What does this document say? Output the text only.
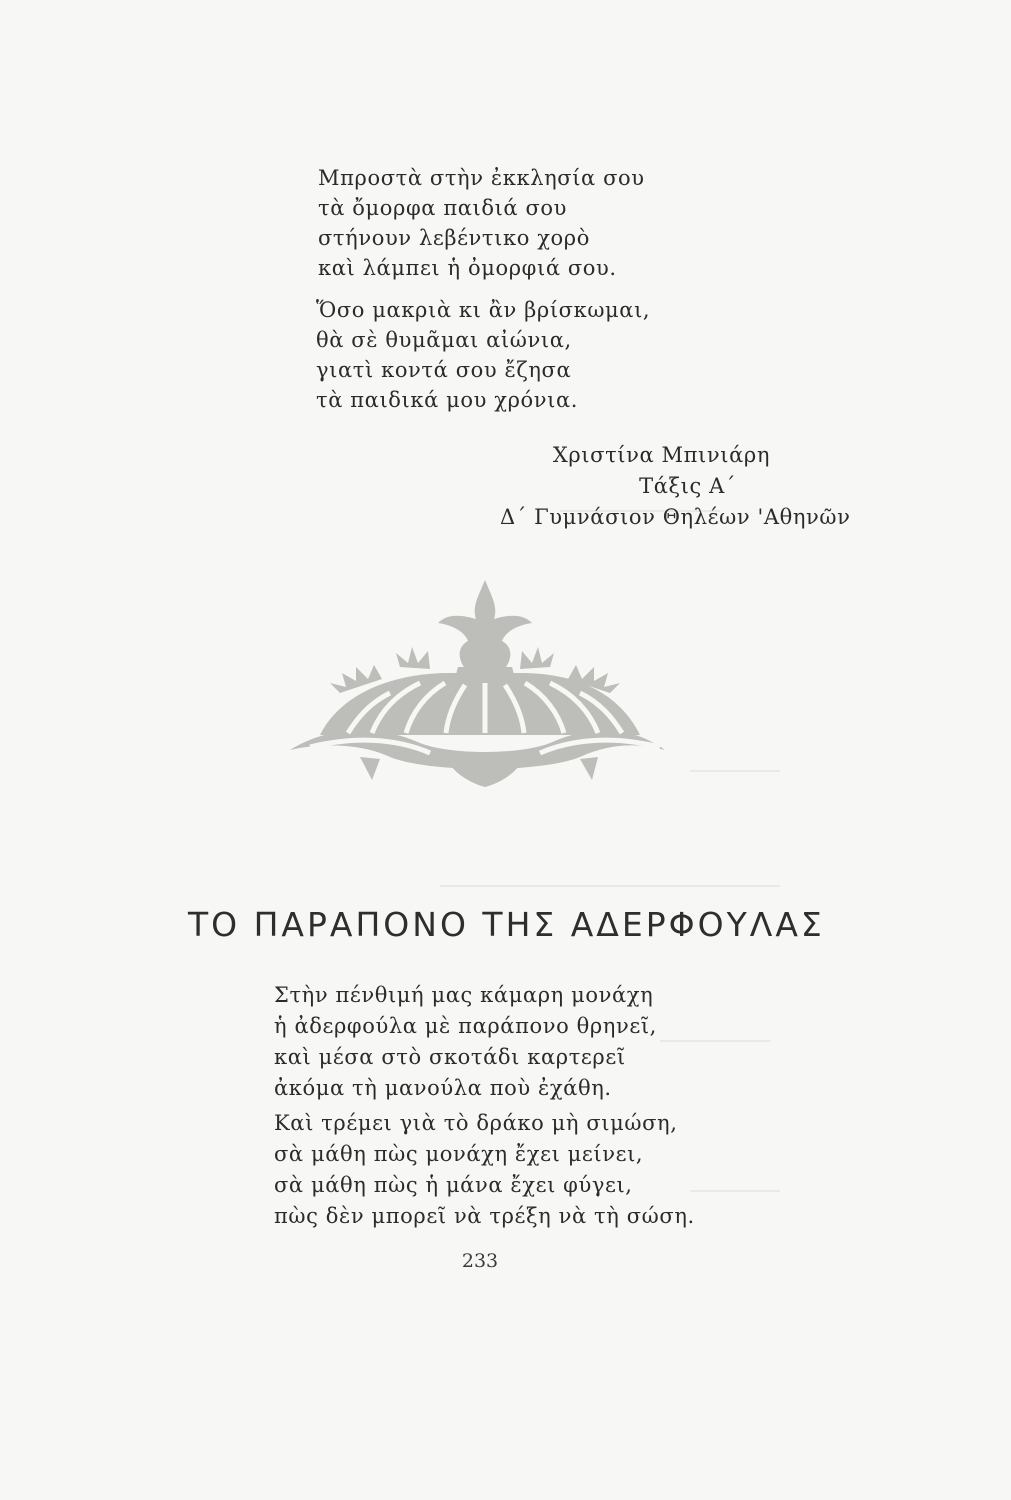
Μπροστὰ στὴν ἐκκλησία σου
τὰ ὄμορφα παιδιά σου
στήνουν λεβέντικο χορὸ
καὶ λάμπει ἡ ὀμορφιά σου.
Ὅσο μακριὰ κι ἂν βρίσκωμαι,
θὰ σὲ θυμᾶμαι αἰώνια,
γιατὶ κοντά σου ἔζησα
τὰ παιδικά μου χρόνια.
Χριστίνα Μπινιάρη
Τάξις Α΄
Δ΄ Γυμνάσιον Θηλέων 'Αθηνῶν
ΤΟ ΠΑΡΑΠΟΝΟ ΤΗΣ ΑΔΕΡΦΟΥΛΑΣ
Στὴν πένθιμή μας κάμαρη μονάχη
ἡ ἀδερφούλα μὲ παράπονο θρηνεῖ,
καὶ μέσα στὸ σκοτάδι καρτερεῖ
ἀκόμα τὴ μανούλα ποὺ ἐχάθη.
Καὶ τρέμει γιὰ τὸ δράκο μὴ σιμώση,
σὰ μάθη πὼς μονάχη ἔχει μείνει,
σὰ μάθη πὼς ἡ μάνα ἔχει φύγει,
πὼς δὲν μπορεῖ νὰ τρέξη νὰ τὴ σώση.
233
